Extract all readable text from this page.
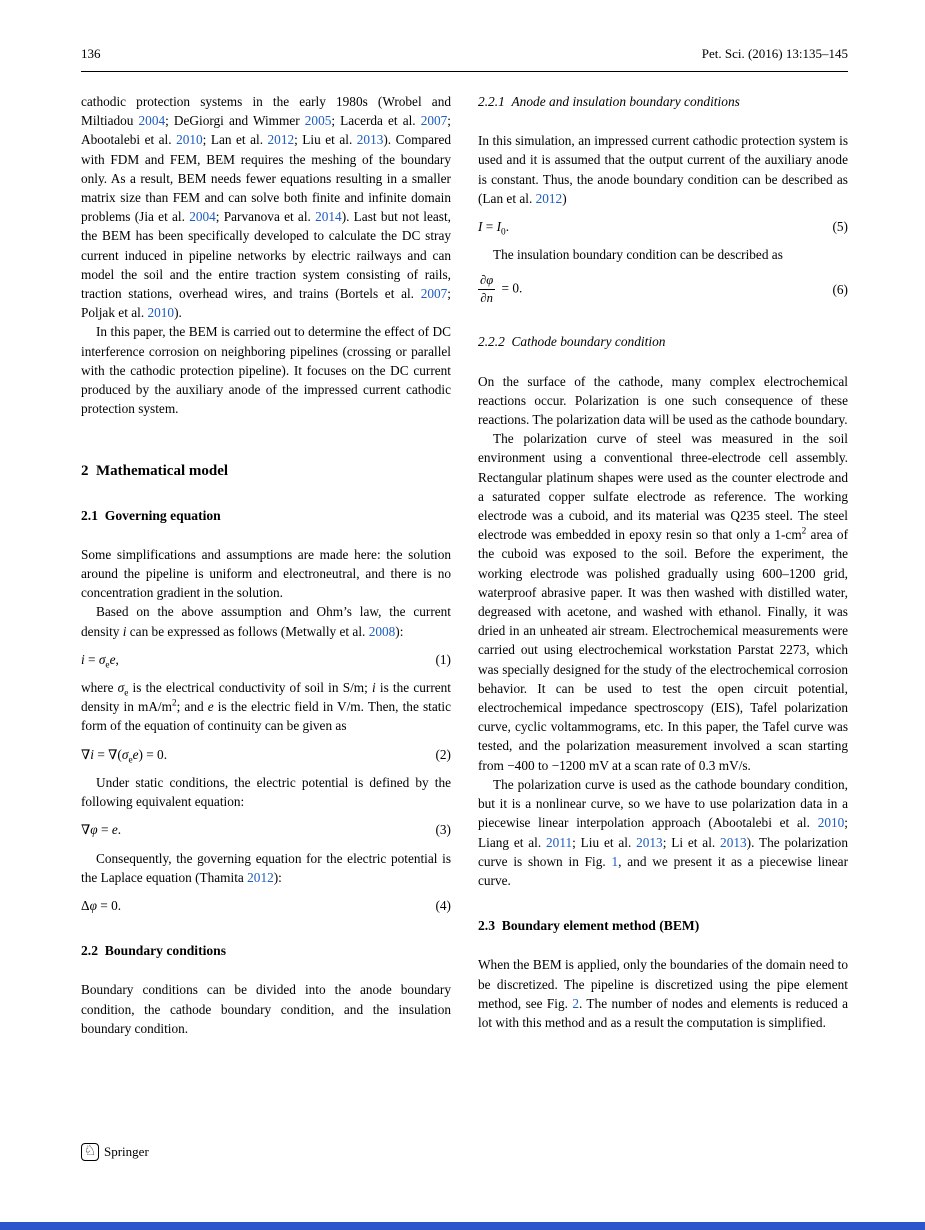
136	Pet. Sci. (2016) 13:135–145

cathodic protection systems in the early 1980s (Wrobel and Miltiadou 2004; DeGiorgi and Wimmer 2005; Lacerda et al. 2007; Abootalebi et al. 2010; Lan et al. 2012; Liu et al. 2013). Compared with FDM and FEM, BEM requires the meshing of the boundary only. As a result, BEM needs fewer equations resulting in a smaller matrix size than FEM and can solve both finite and infinite domain problems (Jia et al. 2004; Parvanova et al. 2014). Last but not least, the BEM has been specifically developed to calculate the DC stray current induced in pipeline networks by electric railways and can model the soil and the entire traction system consisting of rails, traction stations, overhead wires, and trains (Bortels et al. 2007; Poljak et al. 2010).

In this paper, the BEM is carried out to determine the effect of DC interference corrosion on neighboring pipelines (crossing or parallel with the cathodic protection pipeline). It focuses on the DC current produced by the auxiliary anode of the impressed current cathodic protection system.

2  Mathematical model
2.1  Governing equation

Some simplifications and assumptions are made here: the solution around the pipeline is uniform and electroneutral, and there is no concentration gradient in the solution.

Based on the above assumption and Ohm’s law, the current density i can be expressed as follows (Metwally et al. 2008):

$i = \sigma_ee$,	(1)

where $\sigma_e$ is the electrical conductivity of soil in S/m; i is the current density in $mA/m^2$; and e is the electric field in V/m. Then, the static form of the equation of continuity can be given as

$\nabla i = \nabla(\sigma_ee) = 0$.	(2)

Under static conditions, the electric potential is defined by the following equivalent equation:

∇φ = e.	(3)

Consequently, the governing equation for the electric potential is the Laplace equation (Thamita 2012):

Δφ = 0.	(4)
2.2  Boundary conditions

Boundary conditions can be divided into the anode boundary condition, the cathode boundary condition, and the insulation boundary condition.

2.2.1  Anode and insulation boundary conditions

In this simulation, an impressed current cathodic protection system is used and it is assumed that the output current of the auxiliary anode is constant. Thus, the anode boundary condition can be described as (Lan et al. 2012)

$I = I_0$.	(5)

The insulation boundary condition can be described as

$\frac{\partial\varphi}{\partial n} = 0$.	(6)
2.2.2  Cathode boundary condition

On the surface of the cathode, many complex electrochemical reactions occur. Polarization is one such consequence of these reactions. The polarization data will be used as the cathode boundary.

The polarization curve of steel was measured in the soil environment using a conventional three-electrode cell assembly. Rectangular platinum shapes were used as the counter electrode and a saturated copper sulfate electrode as reference. The working electrode was a cuboid, and its material was Q235 steel. The steel electrode was embedded in epoxy resin so that only a $1-cm^2$ area of the cuboid was exposed to the soil. Before the experiment, the working electrode was polished gradually using 600–1200 grid, waterproof abrasive paper. It was then washed with distilled water, degreased with acetone, and washed with ethanol. Finally, it was dried in an unheated air stream. Electrochemical measurements were carried out using electrochemical workstation Parstat 2273, which was specially designed for the study of the electrochemical corrosion behavior. It can be used to test the open circuit potential, electrochemical impedance spectroscopy (EIS), Tafel polarization curve, cyclic voltammograms, etc. In this paper, the Tafel curve was tested, and the polarization measurement involved a scan starting from −400 to −1200 mV at a scan rate of 0.3 mV/s.

The polarization curve is used as the cathode boundary condition, but it is a nonlinear curve, so we have to use polarization data in a piecewise linear interpolation approach (Abootalebi et al. 2010; Liang et al. 2011; Liu et al. 2013; Li et al. 2013). The polarization curve is shown in Fig. 1, and we present it as a piecewise linear curve.

2.3  Boundary element method (BEM)

When the BEM is applied, only the boundaries of the domain need to be discretized. The pipeline is discretized using the pipe element method, see Fig. 2. The number of nodes and elements is reduced a lot with this method and as a result the computation is simplified.

♘ Springer
